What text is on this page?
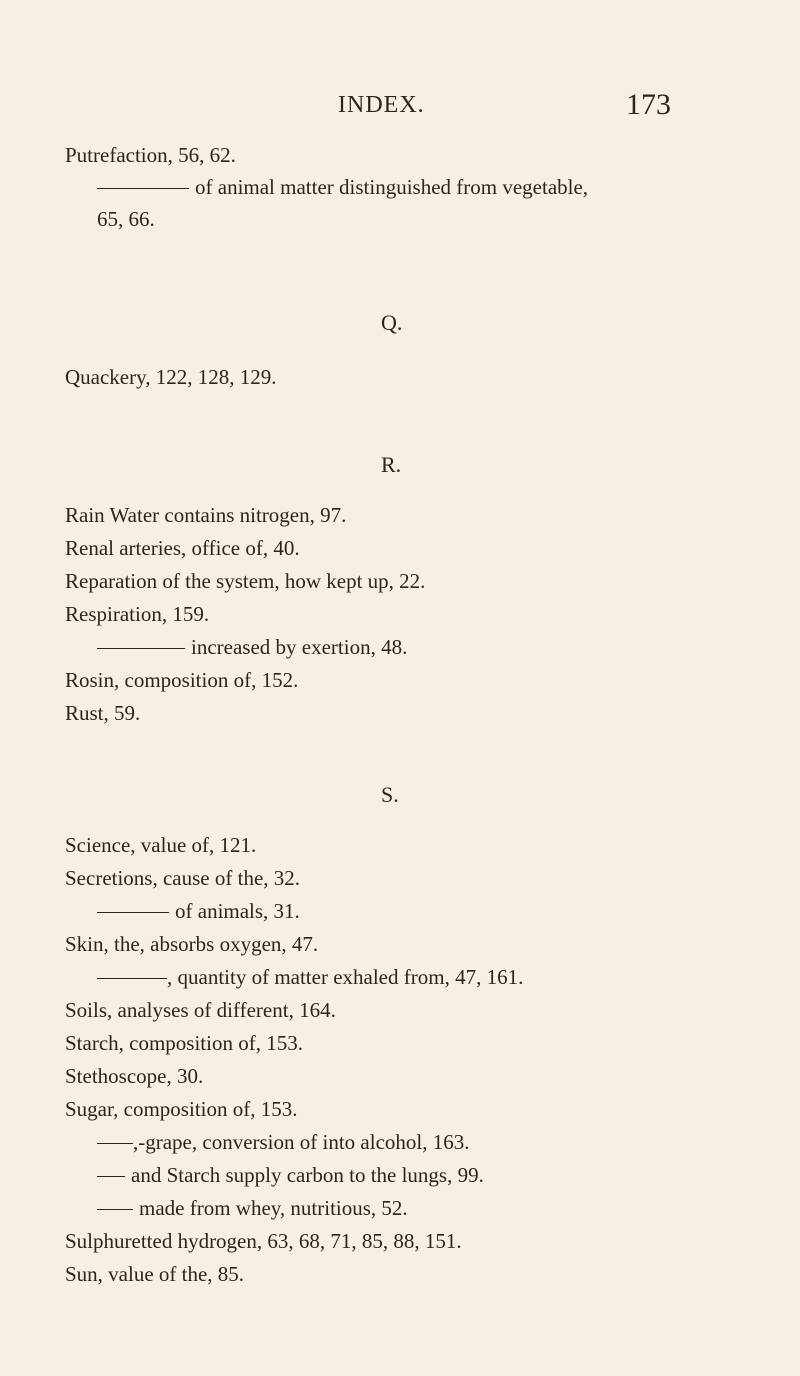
INDEX.	173
Putrefaction, 56, 62.
of animal matter distinguished from vegetable,
65, 66.
Q.
Quackery, 122, 128, 129.
R.
Rain Water contains nitrogen, 97.
Renal arteries, office of, 40.
Reparation of the system, how kept up, 22.
Respiration, 159.
increased by exertion, 48.
Rosin, composition of, 152.
Rust, 59.
S.
Science, value of, 121.
Secretions, cause of the, 32.
of animals, 31.
Skin, the, absorbs oxygen, 47.
, quantity of matter exhaled from, 47, 161.
Soils, analyses of different, 164.
Starch, composition of, 153.
Stethoscope, 30.
Sugar, composition of, 153.
,-grape, conversion of into alcohol, 163.
and Starch supply carbon to the lungs, 99.
made from whey, nutritious, 52.
Sulphuretted hydrogen, 63, 68, 71, 85, 88, 151.
Sun, value of the, 85.
